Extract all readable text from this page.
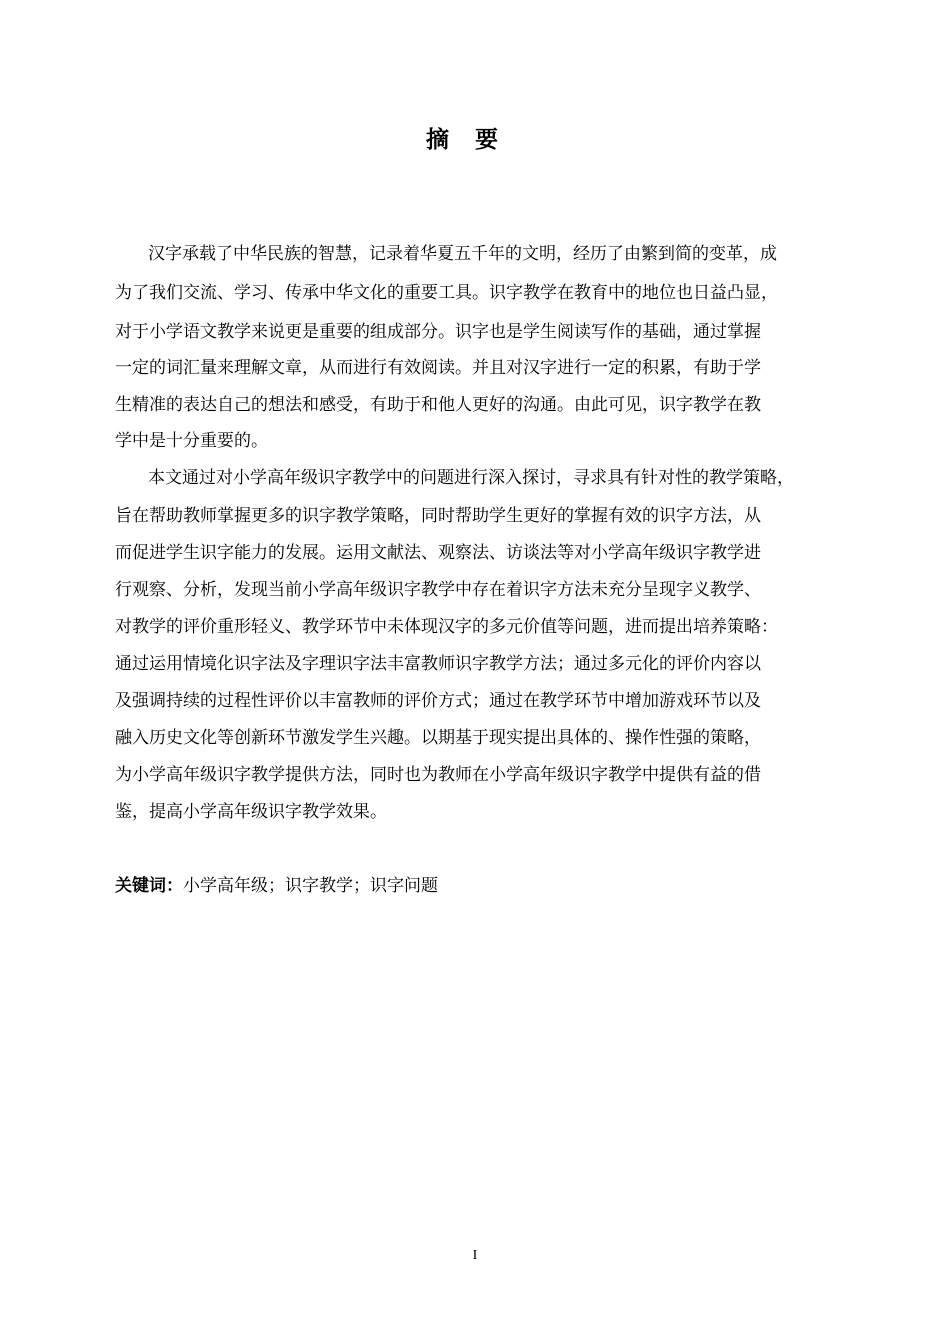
摘要
汉字承载了中华民族的智慧，记录着华夏五千年的文明，经历了由繁到简的变革，成
为了我们交流、学习、传承中华文化的重要工具。识字教学在教育中的地位也日益凸显，
对于小学语文教学来说更是重要的组成部分。识字也是学生阅读写作的基础，通过掌握
一定的词汇量来理解文章，从而进行有效阅读。并且对汉字进行一定的积累，有助于学
生精准的表达自己的想法和感受，有助于和他人更好的沟通。由此可见，识字教学在教
学中是十分重要的。
本文通过对小学高年级识字教学中的问题进行深入探讨，寻求具有针对性的教学策略，
旨在帮助教师掌握更多的识字教学策略，同时帮助学生更好的掌握有效的识字方法，从
而促进学生识字能力的发展。运用文献法、观察法、访谈法等对小学高年级识字教学进
行观察、分析，发现当前小学高年级识字教学中存在着识字方法未充分呈现字义教学、
对教学的评价重形轻义、教学环节中未体现汉字的多元价值等问题，进而提出培养策略：
通过运用情境化识字法及字理识字法丰富教师识字教学方法；通过多元化的评价内容以
及强调持续的过程性评价以丰富教师的评价方式；通过在教学环节中增加游戏环节以及
融入历史文化等创新环节激发学生兴趣。以期基于现实提出具体的、操作性强的策略，
为小学高年级识字教学提供方法，同时也为教师在小学高年级识字教学中提供有益的借
鉴，提高小学高年级识字教学效果。
关键词：小学高年级；识字教学；识字问题
I
